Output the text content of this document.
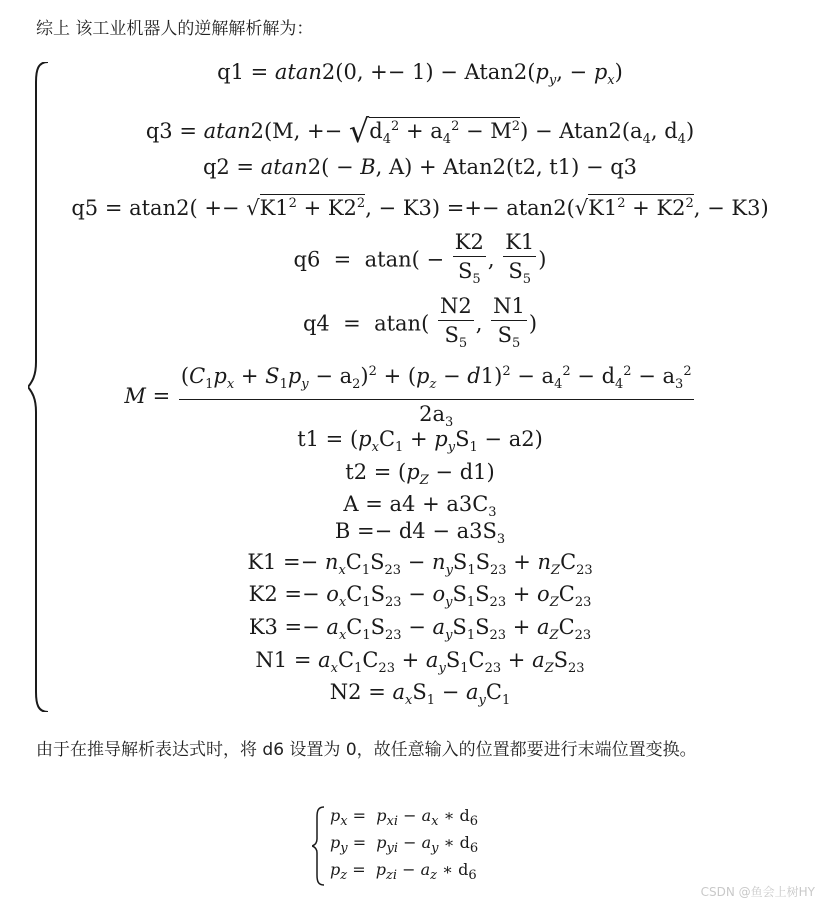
综上 该工业机器人的逆解解析解为：
q1 = atan2(0, +− $1) - Atan2(p_y$, − $p_x$)
q3 = atan2(M, +− $√d_4^2 + a_4^2 - M^2) - Atan2(a_4$, $d_4$)
q2 = atan2( − B, A) + Atan2(t2, t1) − q3
$q5 = atan2( +- √K1^2 + K2^2$, − K3) =+− $atan2(√K1^2 + K2^2$, − K3)
$q6 = atan( - \frac{K2}{S_5}$ , $\frac{K1}{S_5}$ )
$q4 = atan( \frac{N2}{S_5}$ , $\frac{N1}{S_5}$ )
$M = \frac{(C_1p_x + S_1p_y - a_2)^2 + (p_z - d1)^2 - a_4^2 - d_4^2 - a_3^2}{2a_3}$
$t1 = (p_xC_1 + p_yS_1 - a2)$
$t2 = (p_Z - d1)$
$A = a4 + a3C_3$
$B =- d4 - a3S_3$
$K1 =- n_xC_1S_{23} - n_yS_1S_{23} + n_ZC_{23}$
$K2 =- o_xC_1S_{23} - o_yS_1S_{23} + o_ZC_{23}$
$K3 =- a_xC_1S_{23} - a_yS_1S_{23} + a_ZC_{23}$
$N1 = a_xC_1C_{23} + a_yS_1C_{23} + a_ZS_{23}$
$N2 = a_xS_1 - a_yC_1$
由于在推导解析表达式时，将 d6 设置为 0，故任意输入的位置都要进行末端位置变换。
$p_x = p_{xi} - a_x$ ∗ $d_6$
$p_y = p_{yi} - a_y$ ∗ $d_6$
$p_z = p_{zi} - a_z$ ∗ $d_6$
CSDN @鱼会上树HY
